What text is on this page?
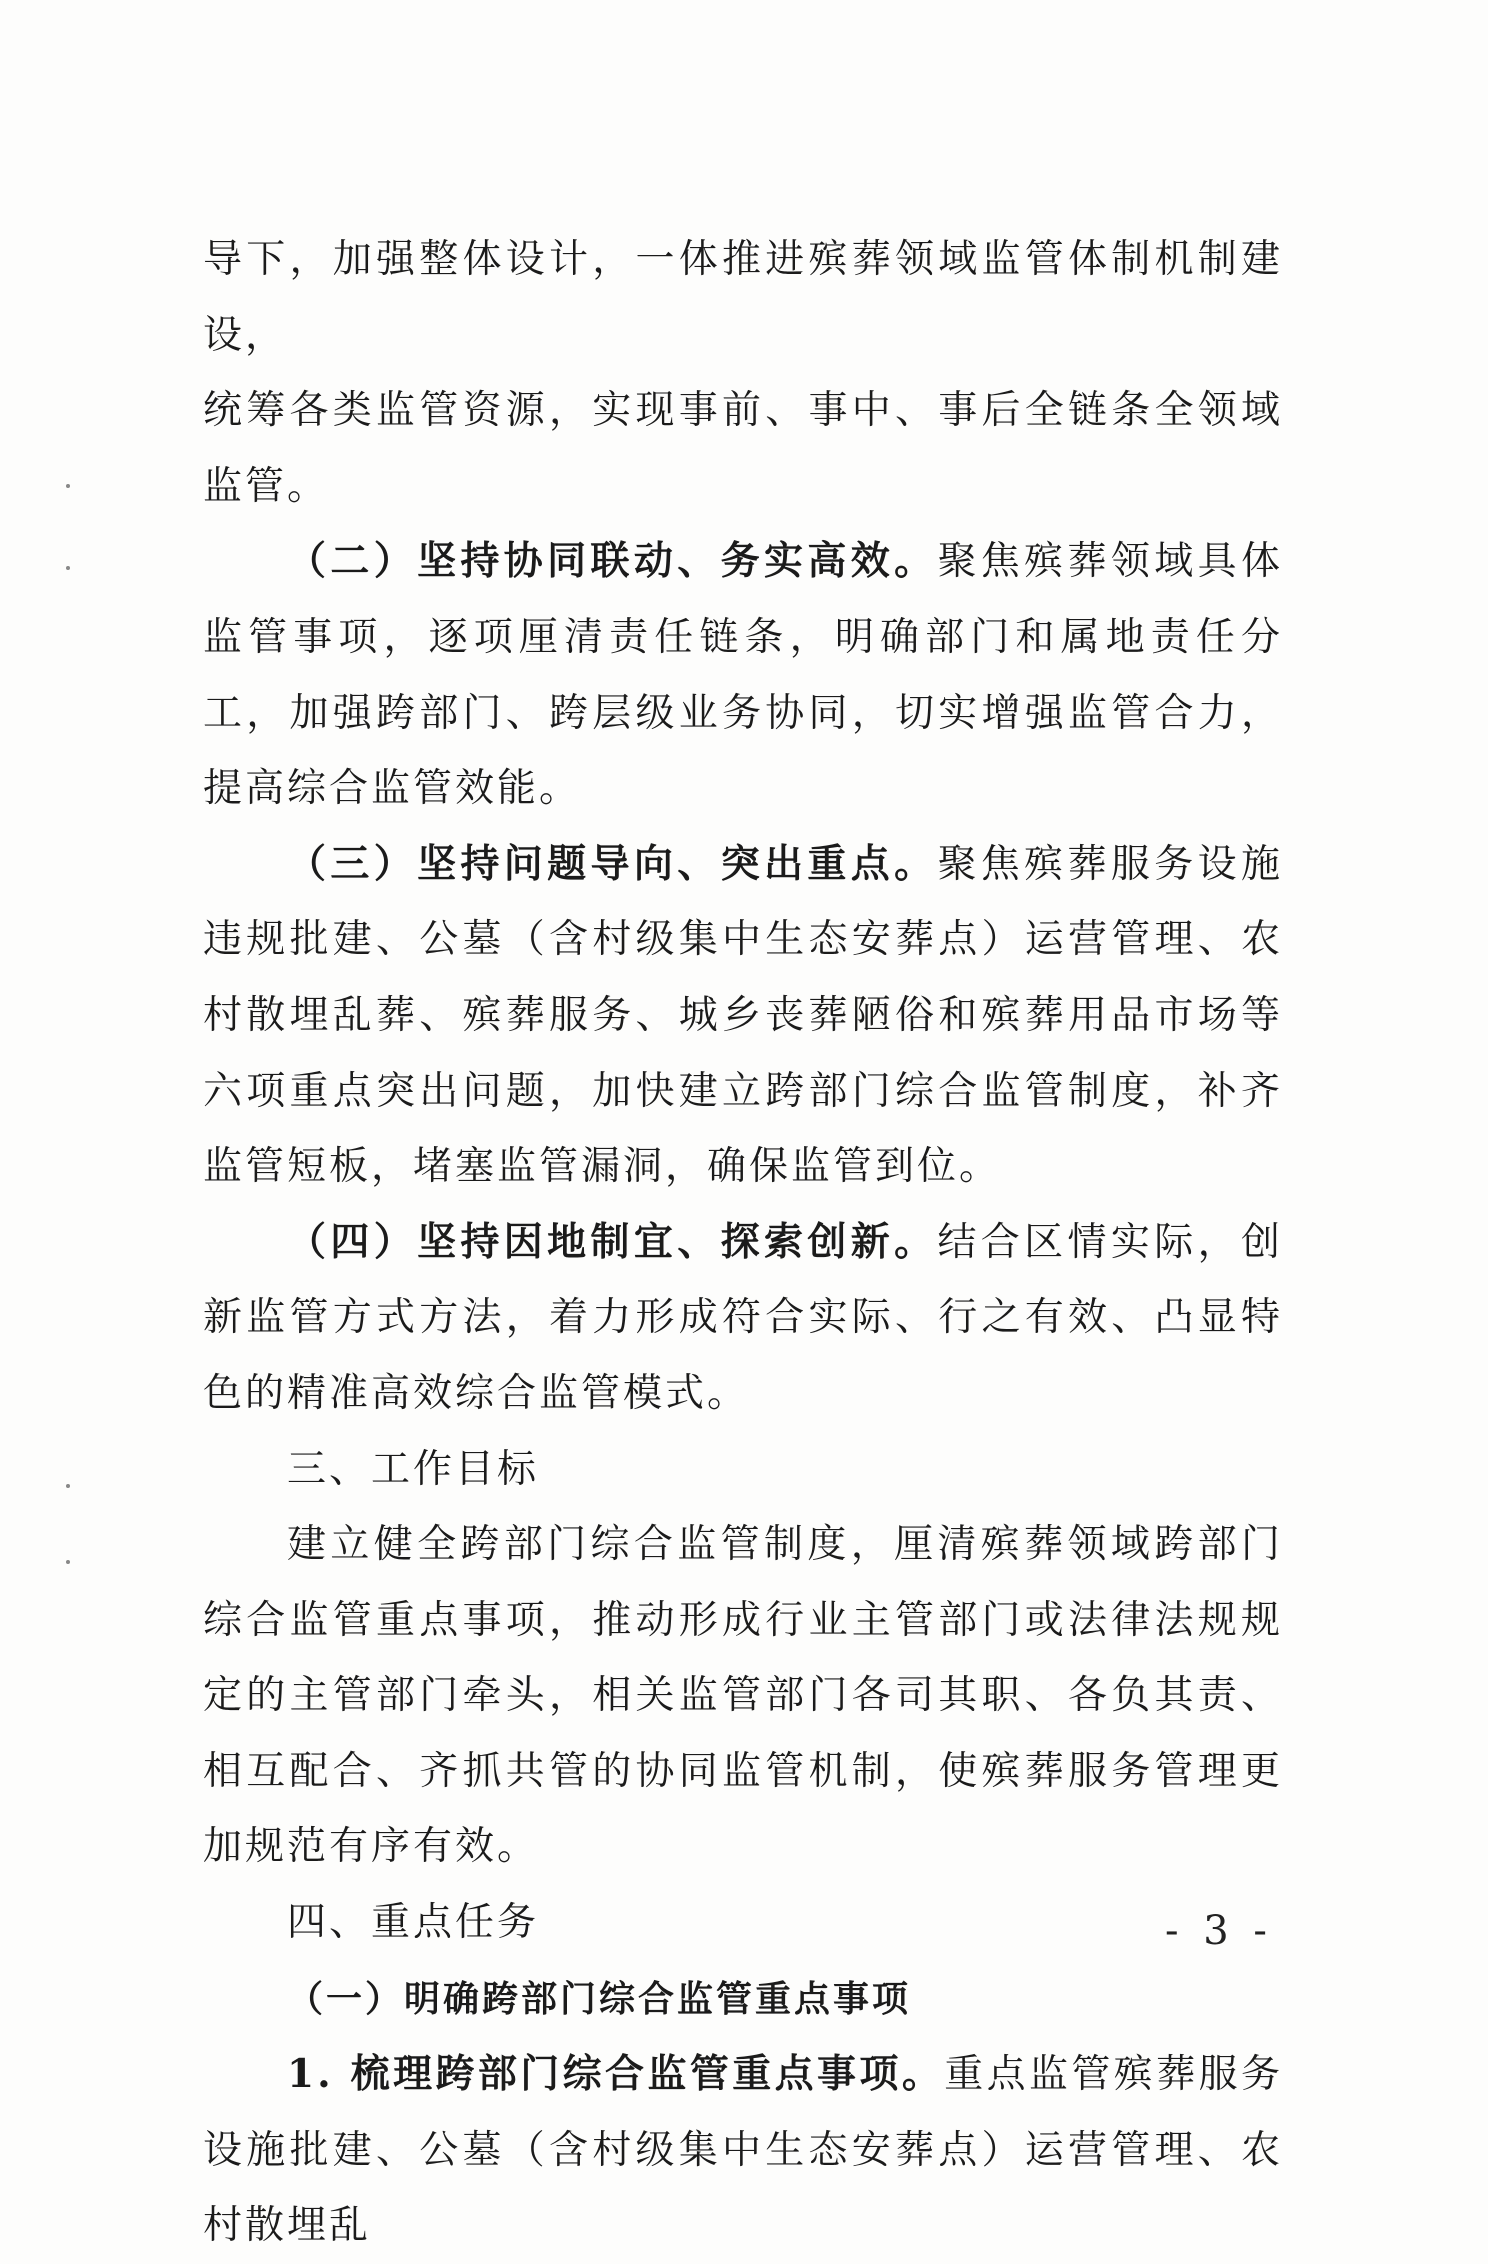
导下，加强整体设计，一体推进殡葬领域监管体制机制建设，
统筹各类监管资源，实现事前、事中、事后全链条全领域监管。

（二）坚持协同联动、务实高效。聚焦殡葬领域具体监管事项，逐项厘清责任链条，明确部门和属地责任分工，加强跨部门、跨层级业务协同，切实增强监管合力，提高综合监管效能。

（三）坚持问题导向、突出重点。聚焦殡葬服务设施违规批建、公墓（含村级集中生态安葬点）运营管理、农村散埋乱葬、殡葬服务、城乡丧葬陋俗和殡葬用品市场等六项重点突出问题，加快建立跨部门综合监管制度，补齐监管短板，堵塞监管漏洞，确保监管到位。

（四）坚持因地制宜、探索创新。结合区情实际，创新监管方式方法，着力形成符合实际、行之有效、凸显特色的精准高效综合监管模式。

三、工作目标

建立健全跨部门综合监管制度，厘清殡葬领域跨部门综合监管重点事项，推动形成行业主管部门或法律法规规定的主管部门牵头，相关监管部门各司其职、各负其责、相互配合、齐抓共管的协同监管机制，使殡葬服务管理更加规范有序有效。

四、重点任务

（一）明确跨部门综合监管重点事项

1. 梳理跨部门综合监管重点事项。重点监管殡葬服务设施批建、公墓（含村级集中生态安葬点）运营管理、农村散埋乱

- 3 -
